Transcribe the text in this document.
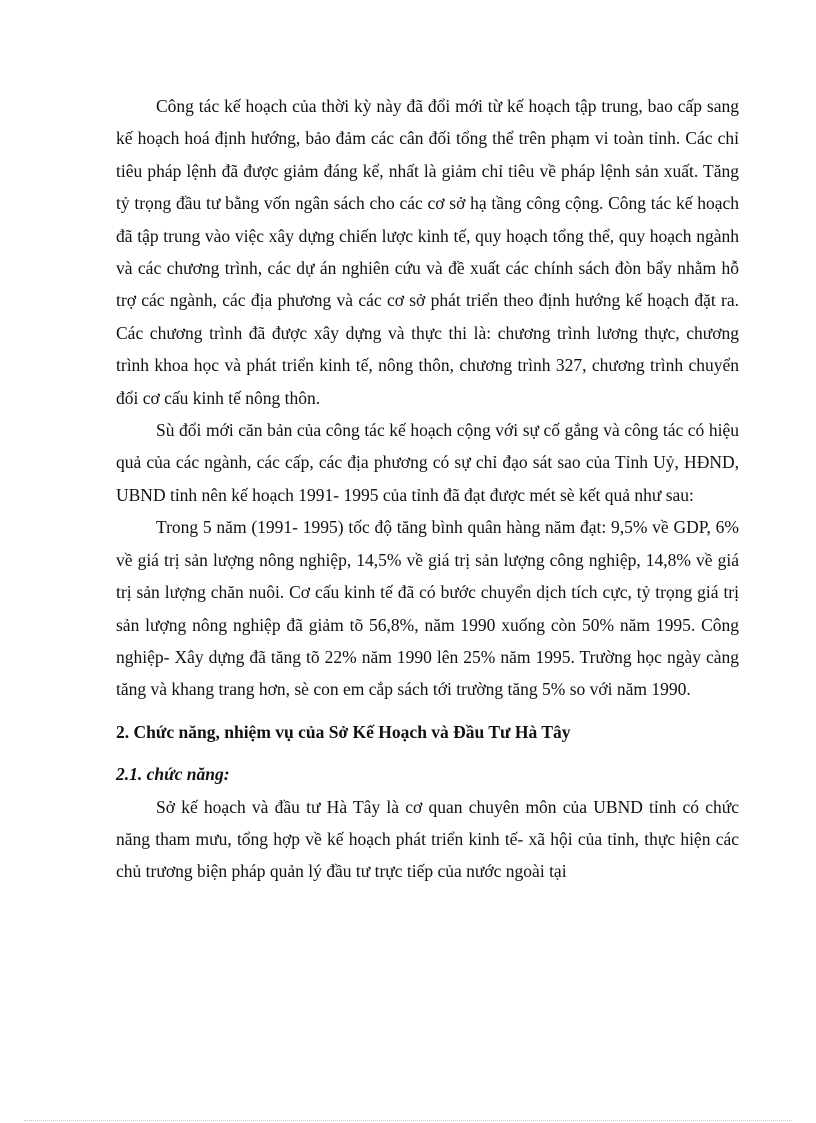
Công tác kế hoạch của thời kỳ này đã đổi mới từ kế hoạch tập trung, bao cấp sang kế hoạch hoá định hướng, bảo đảm các cân đối tổng thể trên phạm vi toàn tỉnh. Các chỉ tiêu pháp lệnh đã được giảm đáng kể, nhất là giảm chỉ tiêu về pháp lệnh sản xuất. Tăng tỷ trọng đầu tư bằng vốn ngân sách cho các cơ sở hạ tầng công cộng. Công tác kế hoạch đã tập trung vào việc xây dựng chiến lược kinh tế, quy hoạch tổng thể, quy hoạch ngành và các chương trình, các dự án nghiên cứu và đề xuất các chính sách đòn bẩy nhằm hỗ trợ các ngành, các địa phương và các cơ sở phát triển theo định hướng kế hoạch đặt ra. Các chương trình đã được xây dựng và thực thi là: chương trình lương thực, chương trình khoa học và phát triển kinh tế, nông thôn, chương trình 327, chương trình chuyển đổi cơ cấu kinh tế nông thôn.

Sù đổi mới căn bản của công tác kế hoạch cộng với sự cố gắng và công tác có hiệu quả của các ngành, các cấp, các địa phương có sự chỉ đạo sát sao của Tỉnh Uỷ, HĐND, UBND tỉnh nên kế hoạch 1991- 1995 của tỉnh đã đạt được mét sè kết quả như sau:

Trong 5 năm (1991- 1995) tốc độ tăng bình quân hàng năm đạt: 9,5% về GDP, 6% về giá trị sản lượng nông nghiệp, 14,5% về giá trị sản lượng công nghiệp, 14,8% về giá trị sản lượng chăn nuôi. Cơ cấu kinh tế đã có bước chuyển dịch tích cực, tỷ trọng giá trị sản lượng nông nghiệp đã giảm tõ 56,8%, năm 1990 xuống còn 50% năm 1995. Công nghiệp- Xây dựng đã tăng tõ 22% năm 1990 lên 25% năm 1995. Trường học ngày càng tăng và khang trang hơn, sè con em cắp sách tới trường tăng 5% so với năm 1990.

2. Chức năng, nhiệm vụ của Sở Kế Hoạch và Đầu Tư Hà Tây
2.1. chức năng:

Sở kế hoạch và đầu tư Hà Tây là cơ quan chuyên môn của UBND tỉnh có chức năng tham mưu, tổng hợp về kế hoạch phát triển kinh tế- xã hội của tỉnh, thực hiện các chủ trương biện pháp quản lý đầu tư trực tiếp của nước ngoài tại
